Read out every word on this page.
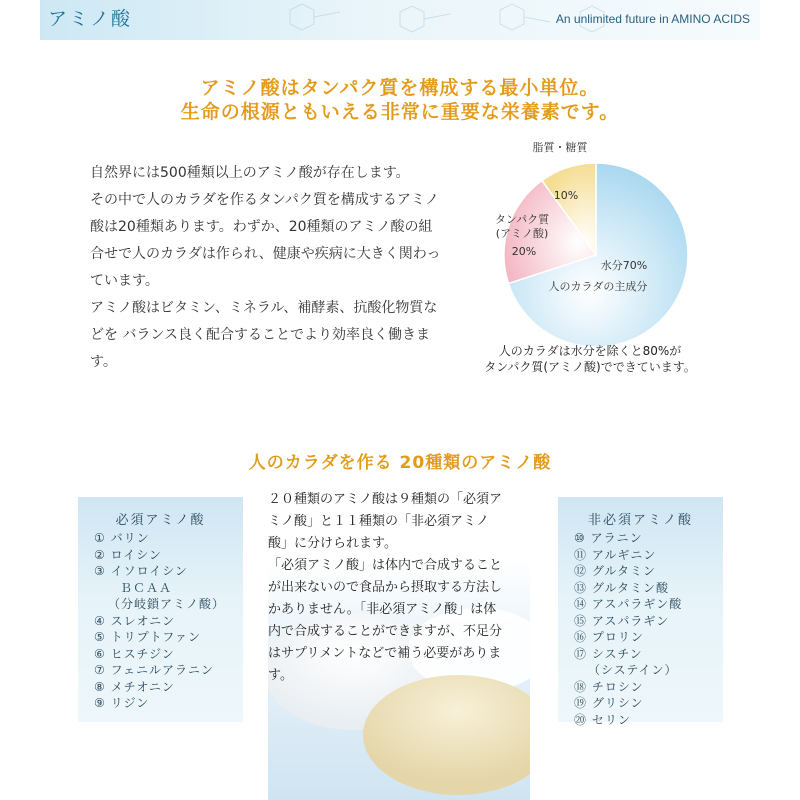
アミノ酸	An unlimited future in AMINO ACIDS
アミノ酸はタンパク質を構成する最小単位。
生命の根源ともいえる非常に重要な栄養素です。

自然界には500種類以上のアミノ酸が存在します。

その中で人のカラダを作るタンパク質を構成するアミノ

酸は20種類あります。わずか、20種類のアミノ酸の組

合せで人のカラダは作られ、健康や疾病に大きく関わっ

ています。

アミノ酸はビタミン、ミネラル、補酵素、抗酸化物質な

どを バランス良く配合することでより効率良く働きま

す。

脂質・糖質
10%
タンパク質
(アミノ酸)
20%
水分70%
人のカラダの主成分
人のカラダは水分を除くと80%が
タンパク質(アミノ酸)でできています。
人のカラダを作る 20種類のアミノ酸
必須アミノ酸
① バリン
② ロイシン
③ イソロイシン
ＢＣＡＡ
（分岐鎖アミノ酸）
④ スレオニン
⑤ トリプトファン
⑥ ヒスチジン
⑦ フェニルアラニン
⑧ メチオニン
⑨ リジン

２０種類のアミノ酸は９種類の「必須ア

ミノ酸」と１１種類の「非必須アミノ

酸」に分けられます。

「必須アミノ酸」は体内で合成すること

が出来ないので食品から摂取する方法し

かありません。「非必須アミノ酸」は体

内で合成することができますが、不足分

はサプリメントなどで補う必要がありま

す。

非必須アミノ酸
⑩ アラニン
⑪ アルギニン
⑫ グルタミン
⑬ グルタミン酸
⑭ アスパラギン酸
⑮ アスパラギン
⑯ プロリン
⑰ シスチン
（システイン）
⑱ チロシン
⑲ グリシン
⑳ セリン
